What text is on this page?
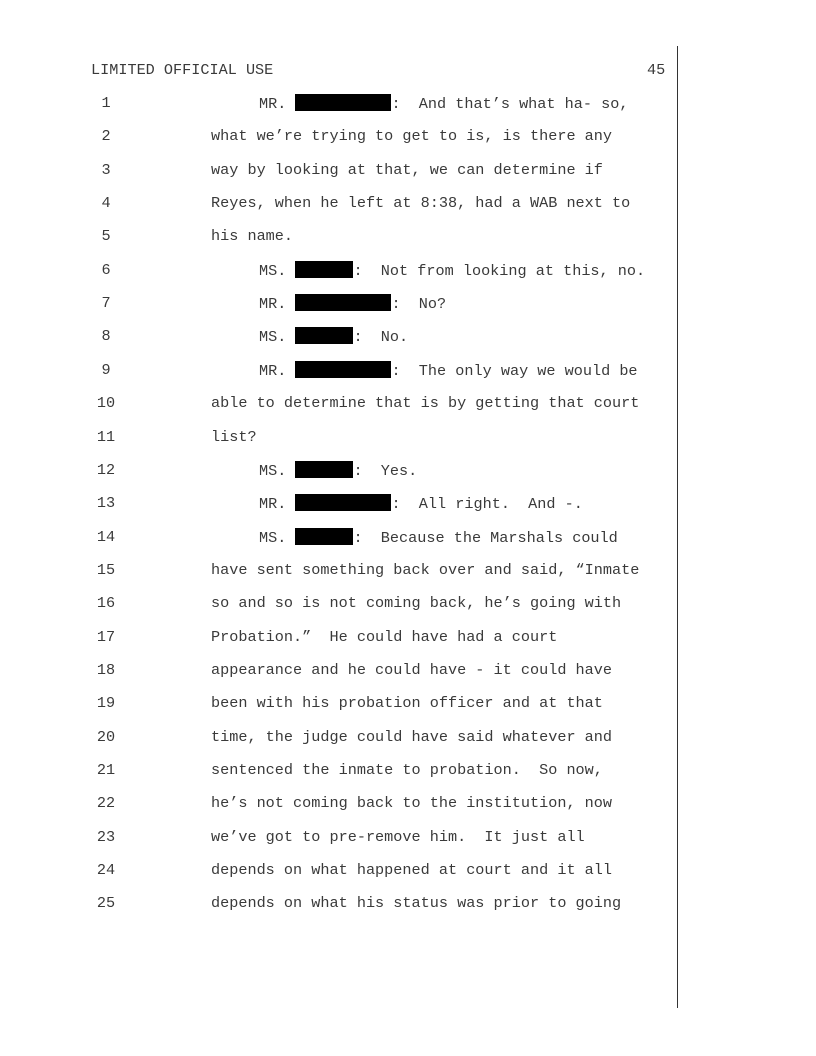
LIMITED OFFICIAL USE	45
1	MR.	:  And that’s what ha- so,
2	what we’re trying to get to is, is there any
3	way by looking at that, we can determine if
4	Reyes, when he left at 8:38, had a WAB next to
5	his name.
6	MS.	:  Not from looking at this, no.
7	MR.	:  No?
8	MS.	:  No.
9	MR.	:  The only way we would be
10	able to determine that is by getting that court
11	list?
12	MS.	:  Yes.
13	MR.	:  All right.  And -.
14	MS.	:  Because the Marshals could
15	have sent something back over and said, “Inmate
16	so and so is not coming back, he’s going with
17	Probation.”  He could have had a court
18	appearance and he could have - it could have
19	been with his probation officer and at that
20	time, the judge could have said whatever and
21	sentenced the inmate to probation.  So now,
22	he’s not coming back to the institution, now
23	we’ve got to pre-remove him.  It just all
24	depends on what happened at court and it all
25	depends on what his status was prior to going
